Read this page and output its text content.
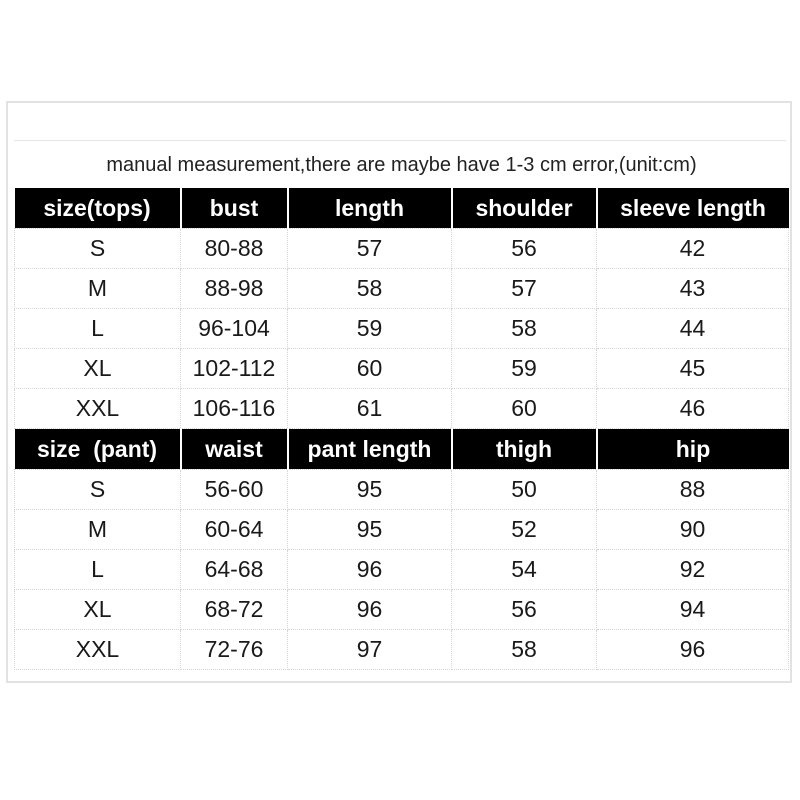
manual measurement,there are maybe have 1-3 cm error,(unit:cm)				
size(tops)	bust	length	shoulder	sleeve length
S	80-88	57	56	42
M	88-98	58	57	43
L	96-104	59	58	44
XL	102-112	60	59	45
XXL	106-116	61	60	46
size  (pant)	waist	pant length	thigh	hip
S	56-60	95	50	88
M	60-64	95	52	90
L	64-68	96	54	92
XL	68-72	96	56	94
XXL	72-76	97	58	96
